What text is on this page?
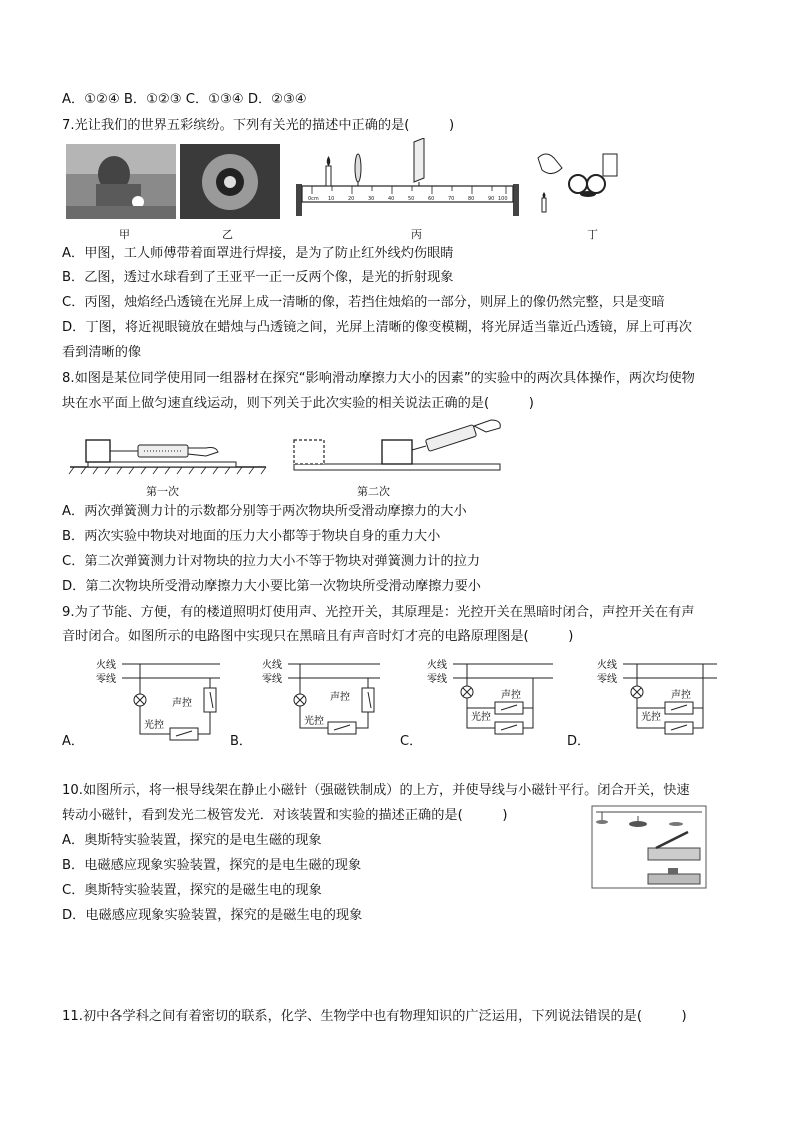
A．①②④ B．①②③ C．①③④ D．②③④
7.光让我们的世界五彩缤纷。下列有关光的描述中正确的是(　　　)
0cm 10	20	30	40	50	60	70	80	90 100
甲	乙	丙	丁
A．甲图，工人师傅带着面罩进行焊接，是为了防止红外线灼伤眼睛
B．乙图，透过水球看到了王亚平一正一反两个像，是光的折射现象
C．丙图，烛焰经凸透镜在光屏上成一清晰的像，若挡住烛焰的一部分，则屏上的像仍然完整，只是变暗
D．丁图，将近视眼镜放在蜡烛与凸透镜之间，光屏上清晰的像变模糊，将光屏适当靠近凸透镜，屏上可再次
看到清晰的像
8.如图是某位同学使用同一组器材在探究“影响滑动摩擦力大小的因素”的实验中的两次具体操作，两次均使物
块在水平面上做匀速直线运动，则下列关于此次实验的相关说法正确的是(　　　)
第一次	第二次
A．两次弹簧测力计的示数都分别等于两次物块所受滑动摩擦力的大小
B．两次实验中物块对地面的压力大小都等于物块自身的重力大小
C．第二次弹簧测力计对物块的拉力大小不等于物块对弹簧测力计的拉力
D．第二次物块所受滑动摩擦力大小要比第一次物块所受滑动摩擦力要小
9.为了节能、方便，有的楼道照明灯使用声、光控开关，其原理是：光控开关在黑暗时闭合，声控开关在有声
音时闭合。如图所示的电路图中实现只在黑暗且有声音时灯才亮的电路原理图是(　　　)
火线
零线
声控
光控
火线
零线
声控
光控
火线
零线
声控
光控
火线
零线
声控
光控
A．	B．	C．	D．
10.如图所示，将一根导线架在静止小磁针（强磁铁制成）的上方，并使导线与小磁针平行。闭合开关，快速
转动小磁针，看到发光二极管发光．对该装置和实验的描述正确的是(　　　)
A．奥斯特实验装置，探究的是电生磁的现象
B．电磁感应现象实验装置，探究的是电生磁的现象
C．奥斯特实验装置，探究的是磁生电的现象
D．电磁感应现象实验装置，探究的是磁生电的现象
11.初中各学科之间有着密切的联系，化学、生物学中也有物理知识的广泛运用，下列说法错误的是(　　　)
